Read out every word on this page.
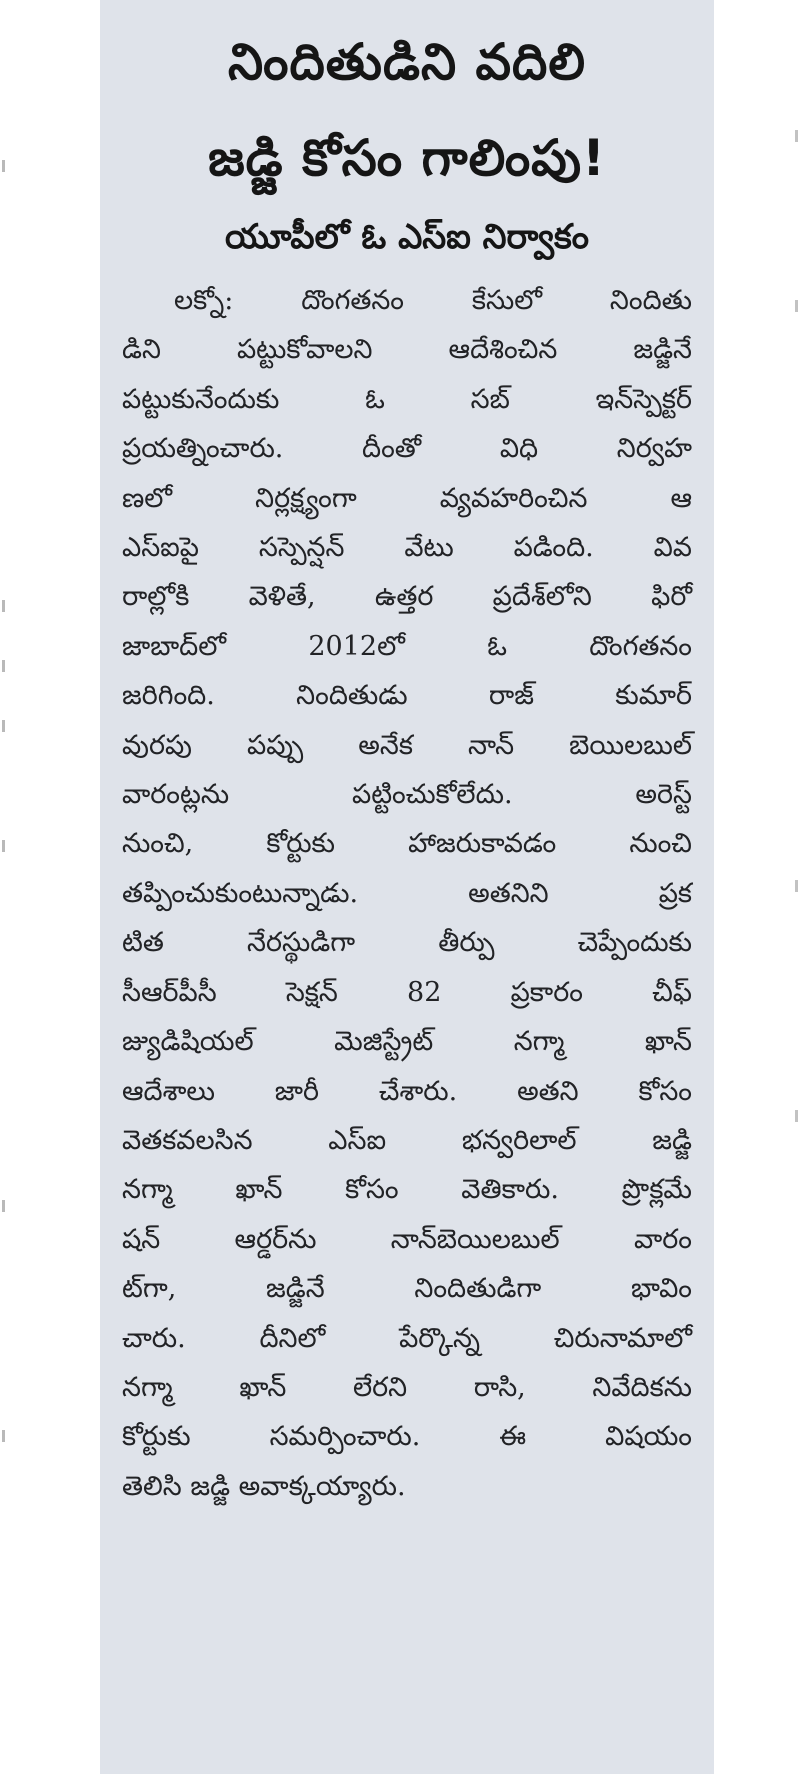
నిందితుడిని వదిలి
జడ్జి కోసం గాలింపు!
యూపీలో ఓ ఎస్‌ఐ నిర్వాకం
లక్నో: దొంగతనం కేసులో నిందితు
డిని పట్టుకోవాలని ఆదేశించిన జడ్జినే
పట్టుకునేందుకు ఓ సబ్ ఇన్‌స్పెక్టర్
ప్రయత్నించారు. దీంతో విధి నిర్వహ
ణలో నిర్లక్ష్యంగా వ్యవహరించిన ఆ
ఎస్‌ఐపై సస్పెన్షన్ వేటు పడింది. వివ
రాల్లోకి వెళితే, ఉత్తర ప్రదేశ్‌లోని ఫిరో
జాబాద్‌లో 2012లో ఓ దొంగతనం
జరిగింది. నిందితుడు రాజ్ కుమార్
వురపు పప్పు అనేక నాన్ బెయిలబుల్
వారంట్లను పట్టించుకోలేదు. అరెస్ట్
నుంచి, కోర్టుకు హాజరుకావడం నుంచి
తప్పించుకుంటున్నాడు. అతనిని ప్రక
టిత నేరస్థుడిగా తీర్పు చెప్పేందుకు
సీఆర్‌పీసీ సెక్షన్ 82 ప్రకారం చీఫ్
జ్యుడిషియల్ మెజిస్ట్రేట్ నగ్మా ఖాన్
ఆదేశాలు జారీ చేశారు. అతని కోసం
వెతకవలసిన ఎస్‌ఐ భన్వరిలాల్ జడ్జి
నగ్మా ఖాన్ కోసం వెతికారు. ప్రొక్లమే
షన్ ఆర్డర్‌ను నాన్‌బెయిలబుల్ వారం
ట్‌గా, జడ్జినే నిందితుడిగా భావిం
చారు. దీనిలో పేర్కొన్న చిరునామాలో
నగ్మా ఖాన్ లేరని రాసి, నివేదికను
కోర్టుకు సమర్పించారు. ఈ విషయం
తెలిసి జడ్జి అవాక్కయ్యారు.
